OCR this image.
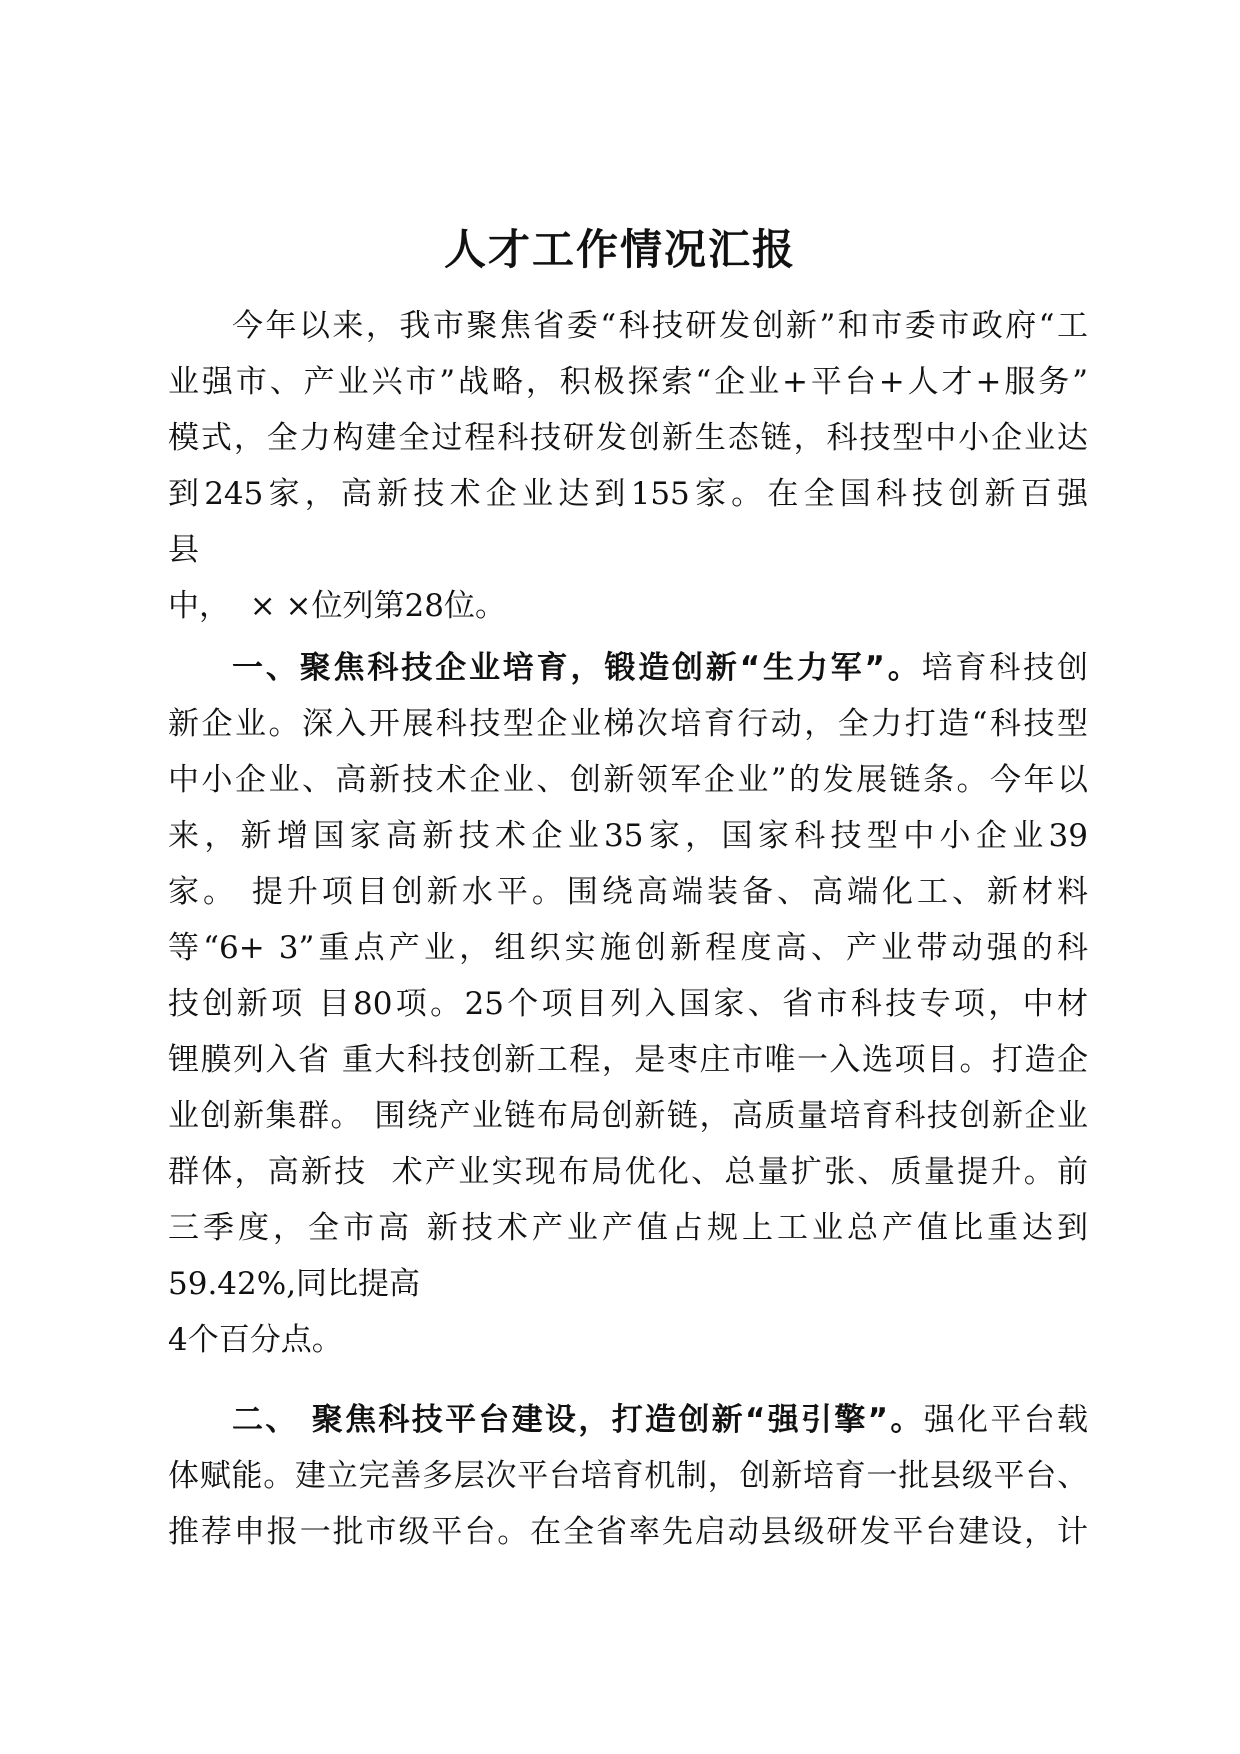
人才工作情况汇报
今年以来，我市聚焦省委“科技研发创新”和市委市政府“工
业强市、产业兴市”战略，积极探索“企业+平台+人才+服务”
模式，全力构建全过程科技研发创新生态链，科技型中小企业达
到245家，高新技术企业达到155家。在全国科技创新百强
县
中，  × ×位列第28位。
一、聚焦科技企业培育，锻造创新“生力军”。培育科技创
新企业。深入开展科技型企业梯次培育行动，全力打造“科技型
中小企业、高新技术企业、创新领军企业”的发展链条。今年以
来，新增国家高新技术企业35家，国家科技型中小企业39
家。 提升项目创新水平。围绕高端装备、高端化工、新材料
等“6+ 3”重点产业，组织实施创新程度高、产业带动强的科
技创新项 目80项。25个项目列入国家、省市科技专项，中材
锂膜列入省 重大科技创新工程，是枣庄市唯一入选项目。打造企
业创新集群。 围绕产业链布局创新链，高质量培育科技创新企业
群体，高新技  术产业实现布局优化、总量扩张、质量提升。前
三季度，全市高 新技术产业产值占规上工业总产值比重达到
59.42%,同比提高
4个百分点。
二、 聚焦科技平台建设，打造创新“强引擎”。强化平台载
体赋能。建立完善多层次平台培育机制，创新培育一批县级平台、
推荐申报一批市级平台。在全省率先启动县级研发平台建设，计
